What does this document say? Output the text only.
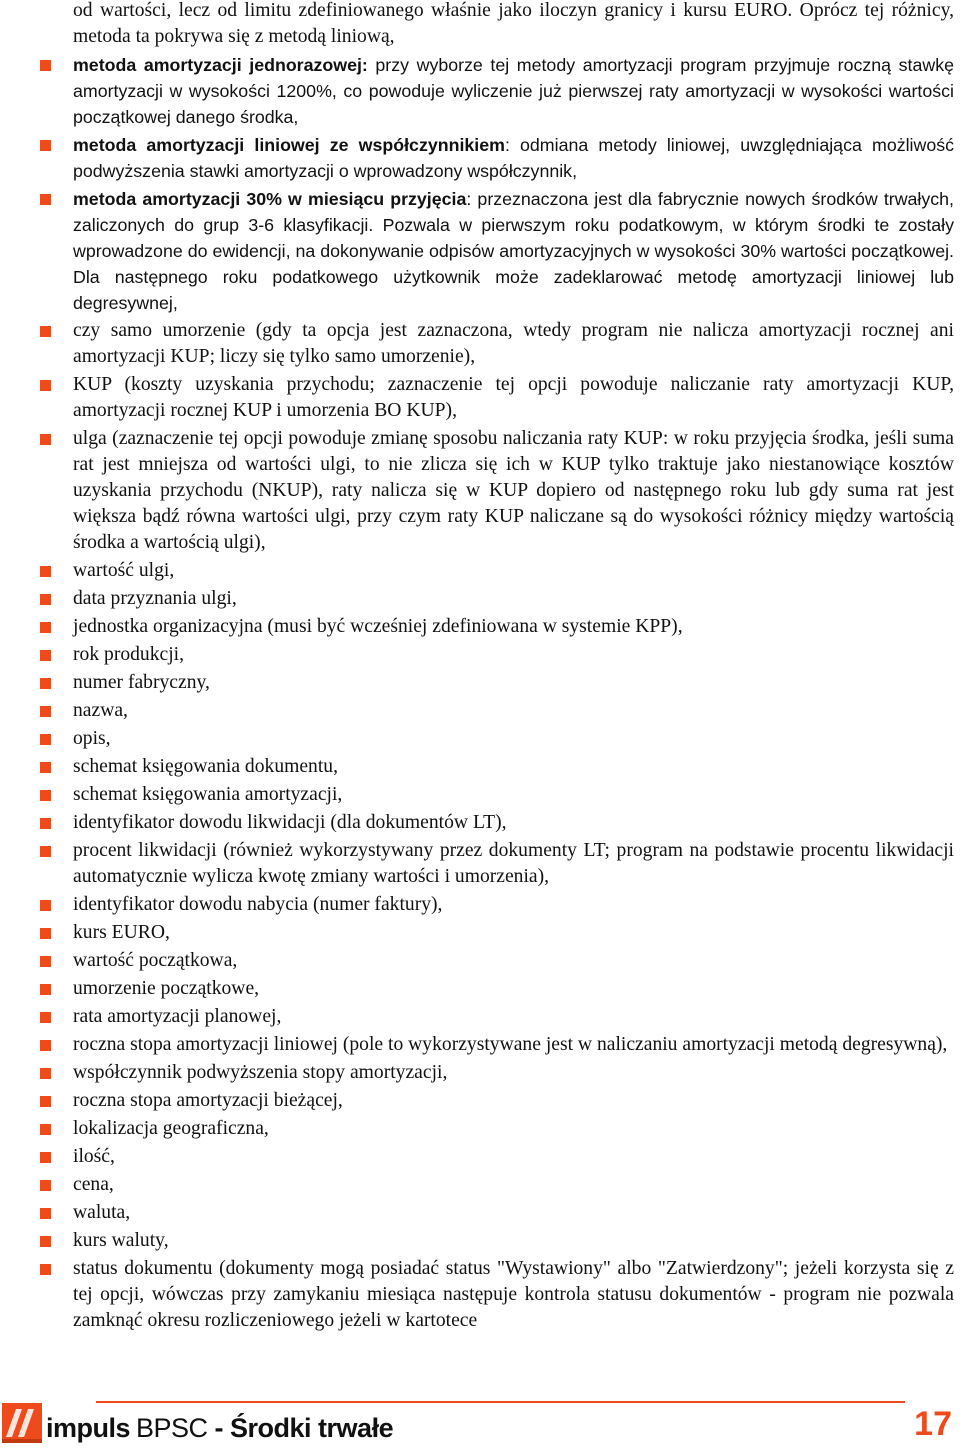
od wartości, lecz od limitu zdefiniowanego właśnie jako iloczyn granicy i kursu EURO. Oprócz tej różnicy, metoda ta pokrywa się z metodą liniową,

metoda amortyzacji jednorazowej: przy wyborze tej metody amortyzacji program przyjmuje roczną stawkę amortyzacji w wysokości 1200%, co powoduje wyliczenie już pierwszej raty amortyzacji w wysokości wartości początkowej danego środka,
metoda amortyzacji liniowej ze współczynnikiem: odmiana metody liniowej, uwzględniająca możliwość podwyższenia stawki amortyzacji o wprowadzony współczynnik,
metoda amortyzacji 30% w miesiącu przyjęcia: przeznaczona jest dla fabrycznie nowych środków trwałych, zaliczonych do grup 3-6 klasyfikacji. Pozwala w pierwszym roku podatkowym, w którym środki te zostały wprowadzone do ewidencji, na dokonywanie odpisów amortyzacyjnych w wysokości 30% wartości początkowej. Dla następnego roku podatkowego użytkownik może zadeklarować metodę amortyzacji liniowej lub degresywnej,
czy samo umorzenie (gdy ta opcja jest zaznaczona, wtedy program nie nalicza amortyzacji rocznej ani amortyzacji KUP; liczy się tylko samo umorzenie),
KUP (koszty uzyskania przychodu; zaznaczenie tej opcji powoduje naliczanie raty amortyzacji KUP, amortyzacji rocznej KUP i umorzenia BO KUP),
ulga (zaznaczenie tej opcji powoduje zmianę sposobu naliczania raty KUP: w roku przyjęcia środka, jeśli suma rat jest mniejsza od wartości ulgi, to nie zlicza się ich w KUP tylko traktuje jako niestanowiące kosztów uzyskania przychodu (NKUP), raty nalicza się w KUP dopiero od następnego roku lub gdy suma rat jest większa bądź równa wartości ulgi, przy czym raty KUP naliczane są do wysokości różnicy między wartością środka a wartością ulgi),
wartość ulgi,
data przyznania ulgi,
jednostka organizacyjna (musi być wcześniej zdefiniowana w systemie KPP),
rok produkcji,
numer fabryczny,
nazwa,
opis,
schemat księgowania dokumentu,
schemat księgowania amortyzacji,
identyfikator dowodu likwidacji (dla dokumentów LT),
procent likwidacji (również wykorzystywany przez dokumenty LT; program na podstawie procentu likwidacji automatycznie wylicza kwotę zmiany wartości i umorzenia),
identyfikator dowodu nabycia (numer faktury),
kurs EURO,
wartość początkowa,
umorzenie początkowe,
rata amortyzacji planowej,
roczna stopa amortyzacji liniowej (pole to wykorzystywane jest w naliczaniu amortyzacji metodą degresywną),
współczynnik podwyższenia stopy amortyzacji,
roczna stopa amortyzacji bieżącej,
lokalizacja geograficzna,
ilość,
cena,
waluta,
kurs waluty,
status dokumentu (dokumenty mogą posiadać status "Wystawiony" albo "Zatwierdzony"; jeżeli korzysta się z tej opcji, wówczas przy zamykaniu miesiąca następuje kontrola statusu dokumentów - program nie pozwala zamknąć okresu rozliczeniowego jeżeli w kartotece
impuls BPSC - Środki trwałe	17
